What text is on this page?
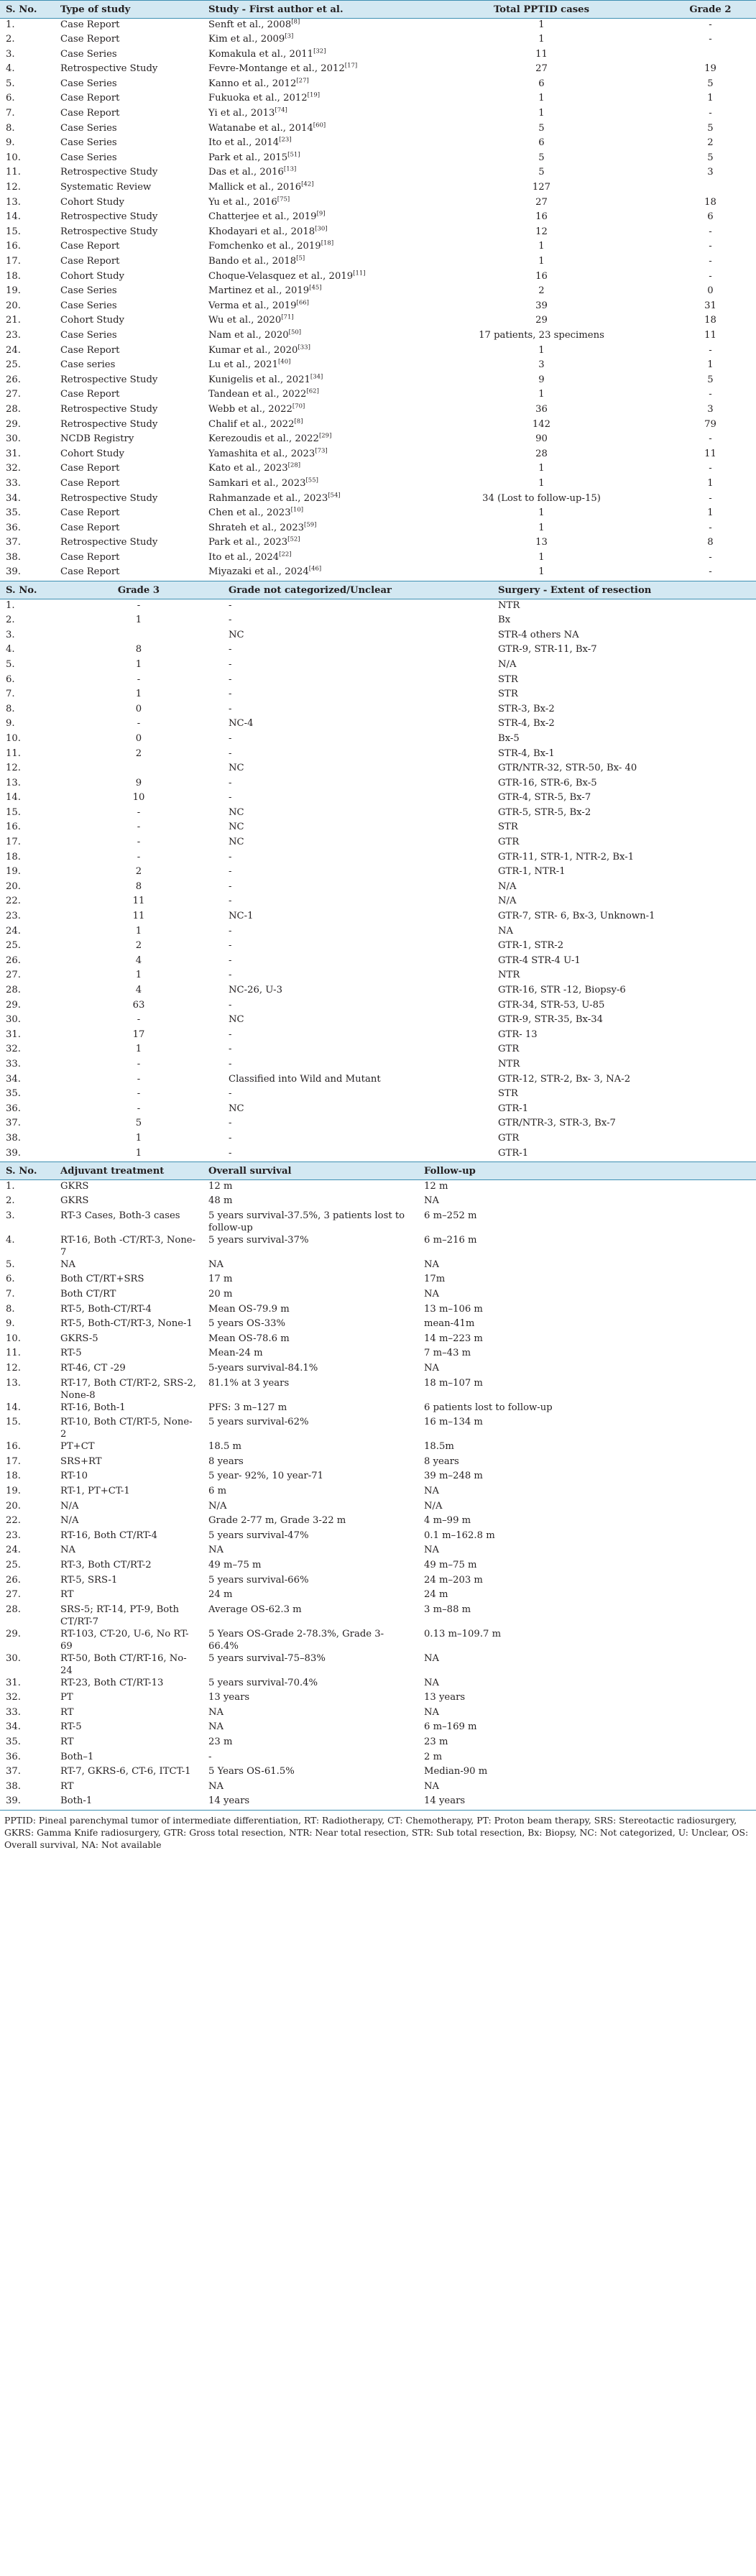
S. No.	Type of study	Study - First author et al.	Total PPTID cases	Grade 2
1.	Case Report	Senft et al., 2008[8]	1	-
2.	Case Report	Kim et al., 2009[3]	1	-
3.	Case Series	Komakula et al., 2011[32]	11	
4.	Retrospective Study	Fevre-Montange et al., 2012[17]	27	19
5.	Case Series	Kanno et al., 2012[27]	6	5
6.	Case Report	Fukuoka et al., 2012[19]	1	1
7.	Case Report	Yi et al., 2013[74]	1	-
8.	Case Series	Watanabe et al., 2014[60]	5	5
9.	Case Series	Ito et al., 2014[23]	6	2
10.	Case Series	Park et al., 2015[51]	5	5
11.	Retrospective Study	Das et al., 2016[13]	5	3
12.	Systematic Review	Mallick et al., 2016[42]	127	
13.	Cohort Study	Yu et al., 2016[75]	27	18
14.	Retrospective Study	Chatterjee et al., 2019[9]	16	6
15.	Retrospective Study	Khodayari et al., 2018[30]	12	-
16.	Case Report	Fomchenko et al., 2019[18]	1	-
17.	Case Report	Bando et al., 2018[5]	1	-
18.	Cohort Study	Choque-Velasquez et al., 2019[11]	16	-
19.	Case Series	Martinez et al., 2019[45]	2	0
20.	Case Series	Verma et al., 2019[66]	39	31
21.	Cohort Study	Wu et al., 2020[71]	29	18
23.	Case Series	Nam et al., 2020[50]	17 patients, 23 specimens	11
24.	Case Report	Kumar et al., 2020[33]	1	-
25.	Case series	Lu et al., 2021[40]	3	1
26.	Retrospective Study	Kunigelis et al., 2021[34]	9	5
27.	Case Report	Tandean et al., 2022[62]	1	-
28.	Retrospective Study	Webb et al., 2022[70]	36	3
29.	Retrospective Study	Chalif et al., 2022[8]	142	79
30.	NCDB Registry	Kerezoudis et al., 2022[29]	90	-
31.	Cohort Study	Yamashita et al., 2023[73]	28	11
32.	Case Report	Kato et al., 2023[28]	1	-
33.	Case Report	Samkari et al., 2023[55]	1	1
34.	Retrospective Study	Rahmanzade et al., 2023[54]	34 (Lost to follow-up-15)	-
35.	Case Report	Chen et al., 2023[10]	1	1
36.	Case Report	Shrateh et al., 2023[59]	1	-
37.	Retrospective Study	Park et al., 2023[52]	13	8
38.	Case Report	Ito et al., 2024[22]	1	-
39.	Case Report	Miyazaki et al., 2024[46]	1	-
S. No.	Grade 3	Grade not categorized/Unclear	Surgery - Extent of resection
1.	-	-	NTR
2.	1	-	Bx
3.		NC	STR-4 others NA
4.	8	-	GTR-9, STR-11, Bx-7
5.	1	-	N/A
6.	-	-	STR
7.	1	-	STR
8.	0	-	STR-3, Bx-2
9.	-	NC-4	STR-4, Bx-2
10.	0	-	Bx-5
11.	2	-	STR-4, Bx-1
12.		NC	GTR/NTR-32, STR-50, Bx- 40
13.	9	-	GTR-16, STR-6, Bx-5
14.	10	-	GTR-4, STR-5, Bx-7
15.	-	NC	GTR-5, STR-5, Bx-2
16.	-	NC	STR
17.	-	NC	GTR
18.	-	-	GTR-11, STR-1, NTR-2, Bx-1
19.	2	-	GTR-1, NTR-1
20.	8	-	N/A
22.	11	-	N/A
23.	11	NC-1	GTR-7, STR- 6, Bx-3, Unknown-1
24.	1	-	NA
25.	2	-	GTR-1, STR-2
26.	4	-	GTR-4 STR-4 U-1
27.	1	-	NTR
28.	4	NC-26, U-3	GTR-16, STR -12, Biopsy-6
29.	63	-	GTR-34, STR-53, U-85
30.	-	NC	GTR-9, STR-35, Bx-34
31.	17	-	GTR- 13
32.	1	-	GTR
33.	-	-	NTR
34.	-	Classified into Wild and Mutant	GTR-12, STR-2, Bx- 3, NA-2
35.	-	-	STR
36.	-	NC	GTR-1
37.	5	-	GTR/NTR-3, STR-3, Bx-7
38.	1	-	GTR
39.	1	-	GTR-1
S. No.	Adjuvant treatment	Overall survival	Follow-up
1.	GKRS	12 m	12 m
2.	GKRS	48 m	NA
3.	RT-3 Cases, Both-3 cases	5 years survival-37.5%, 3 patients lost to follow-up	6 m–252 m
4.	RT-16, Both -CT/RT-3, None-7	5 years survival-37%	6 m–216 m
5.	NA	NA	NA
6.	Both CT/RT+SRS	17 m	17m
7.	Both CT/RT	20 m	NA
8.	RT-5, Both-CT/RT-4	Mean OS-79.9 m	13 m–106 m
9.	RT-5, Both-CT/RT-3, None-1	5 years OS-33%	mean-41m
10.	GKRS-5	Mean OS-78.6 m	14 m–223 m
11.	RT-5	Mean-24 m	7 m–43 m
12.	RT-46, CT -29	5-years survival-84.1%	NA
13.	RT-17, Both CT/RT-2, SRS-2, None-8	81.1% at 3 years	18 m–107 m
14.	RT-16, Both-1	PFS: 3 m–127 m	6 patients lost to follow-up
15.	RT-10, Both CT/RT-5, None-2	5 years survival-62%	16 m–134 m
16.	PT+CT	18.5 m	18.5m
17.	SRS+RT	8 years	8 years
18.	RT-10	5 year- 92%, 10 year-71	39 m–248 m
19.	RT-1, PT+CT-1	6 m	NA
20.	N/A	N/A	N/A
22.	N/A	Grade 2-77 m, Grade 3-22 m	4 m–99 m
23.	RT-16, Both CT/RT-4	5 years survival-47%	0.1 m–162.8 m
24.	NA	NA	NA
25.	RT-3, Both CT/RT-2	49 m–75 m	49 m–75 m
26.	RT-5, SRS-1	5 years survival-66%	24 m–203 m
27.	RT	24 m	24 m
28.	SRS-5; RT-14, PT-9, Both CT/RT-7	Average OS-62.3 m	3 m–88 m
29.	RT-103, CT-20, U-6, No RT-69	5 Years OS-Grade 2-78.3%, Grade 3-66.4%	0.13 m–109.7 m
30.	RT-50, Both CT/RT-16, No-24	5 years survival-75–83%	NA
31.	RT-23, Both CT/RT-13	5 years survival-70.4%	NA
32.	PT	13 years	13 years
33.	RT	NA	NA
34.	RT-5	NA	6 m–169 m
35.	RT	23 m	23 m
36.	Both–1	-	2 m
37.	RT-7, GKRS-6, CT-6, ITCT-1	5 Years OS-61.5%	Median-90 m
38.	RT	NA	NA
39.	Both-1	14 years	14 years
PPTID: Pineal parenchymal tumor of intermediate differentiation, RT: Radiotherapy, CT: Chemotherapy, PT: Proton beam therapy, SRS: Stereotactic radiosurgery, GKRS: Gamma Knife radiosurgery, GTR: Gross total resection, NTR: Near total resection, STR: Sub total resection, Bx: Biopsy, NC: Not categorized, U: Unclear, OS: Overall survival, NA: Not available
